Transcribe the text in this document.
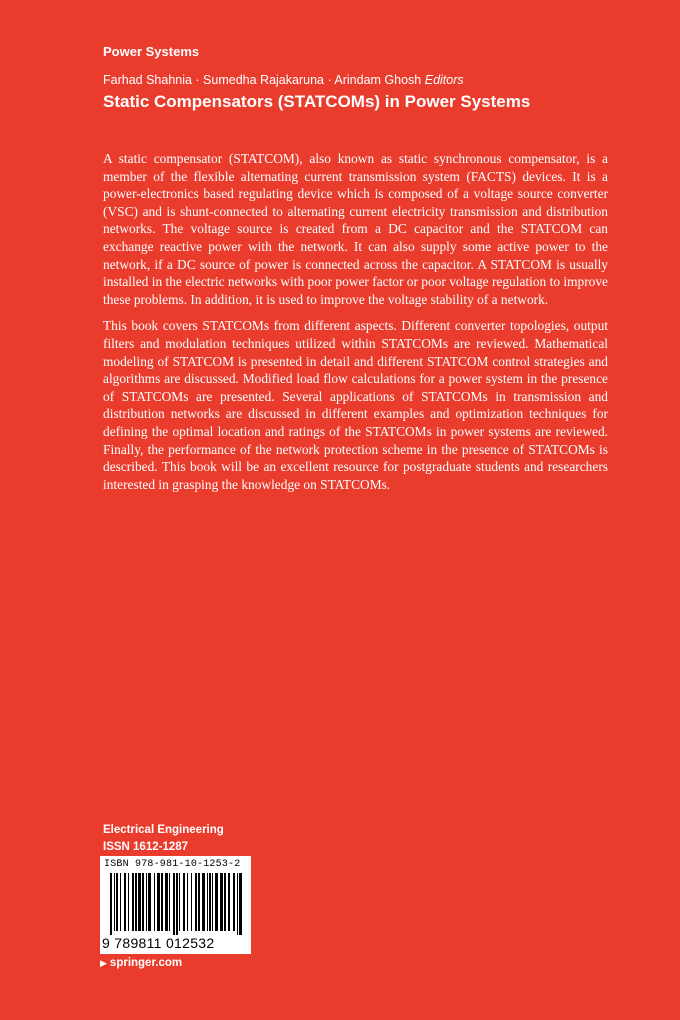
Power Systems
Farhad Shahnia · Sumedha Rajakaruna · Arindam Ghosh Editors
Static Compensators (STATCOMs) in Power Systems

A static compensator (STATCOM), also known as static synchronous compensator, is a member of the flexible alternating current transmission system (FACTS) devices. It is a power-electronics based regulating device which is composed of a voltage source converter (VSC) and is shunt-connected to alternating current electricity transmission and distribution networks. The voltage source is created from a DC capacitor and the STATCOM can exchange reactive power with the network. It can also supply some active power to the network, if a DC source of power is connected across the capacitor. A STATCOM is usually installed in the electric networks with poor power factor or poor voltage regulation to improve these problems. In addition, it is used to improve the voltage stability of a network.

This book covers STATCOMs from different aspects. Different converter topologies, output filters and modulation techniques utilized within STATCOMs are reviewed. Mathematical modeling of STATCOM is presented in detail and different STATCOM control strategies and algorithms are discussed. Modified load flow calculations for a power system in the presence of STATCOMs are presented. Several applications of STATCOMs in transmission and distribution networks are discussed in different examples and optimization techniques for defining the optimal location and ratings of the STATCOMs in power systems are reviewed. Finally, the performance of the network protection scheme in the presence of STATCOMs is described. This book will be an excellent resource for postgraduate students and researchers interested in grasping the knowledge on STATCOMs.

Electrical Engineering
ISSN 1612-1287
ISBN 978-981-10-1253-2
9 789811 012532
▶ springer.com
